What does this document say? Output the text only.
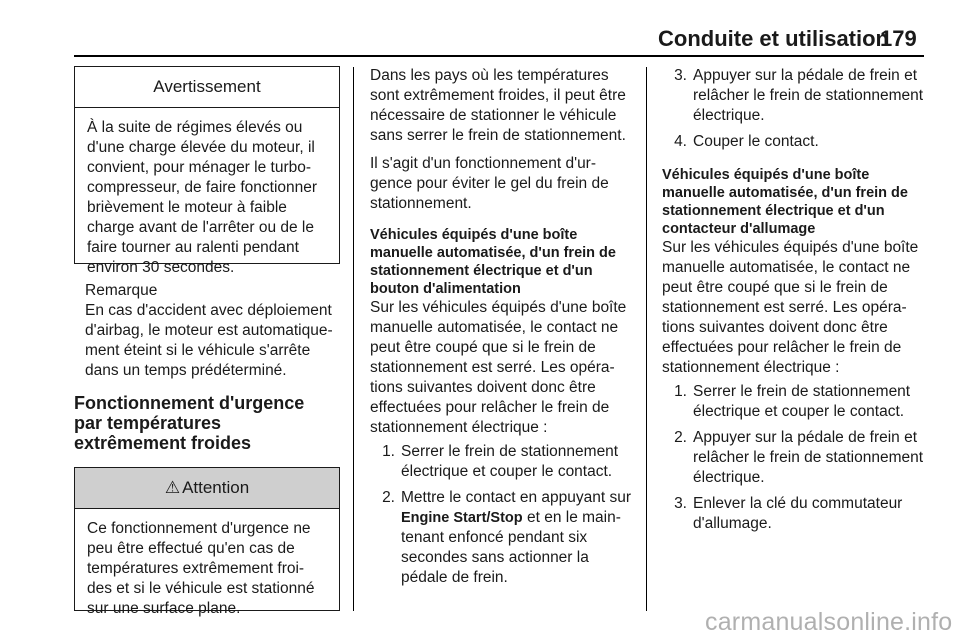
Conduite et utilisation
179
Avertissement
À la suite de régimes élevés ou d'une charge élevée du moteur, il convient, pour ménager le turbo-compresseur, de faire fonctionner brièvement le moteur à faible charge avant de l'arrêter ou de le faire tourner au ralenti pendant environ 30 secondes.

Remarque

En cas d'accident avec déploiement d'airbag, le moteur est automatique-ment éteint si le véhicule s'arrête dans un temps prédéterminé.

Fonctionnement d'urgence par températures extrêmement froides

⚠ Attention
Ce fonctionnement d'urgence ne peu être effectué qu'en cas de températures extrêmement froi-des et si le véhicule est stationné sur une surface plane.

Dans les pays où les températures sont extrêmement froides, il peut être nécessaire de stationner le véhicule sans serrer le frein de stationnement.

Il s'agit d'un fonctionnement d'ur-gence pour éviter le gel du frein de stationnement.

Véhicules équipés d'une boîte manuelle automatisée, d'un frein de stationnement électrique et d'un bouton d'alimentation

Sur les véhicules équipés d'une boîte manuelle automatisée, le contact ne peut être coupé que si le frein de stationnement est serré. Les opéra-tions suivantes doivent donc être effectuées pour relâcher le frein de stationnement électrique :

1. Serrer le frein de stationnement électrique et couper le contact.
2. Mettre le contact en appuyant sur Engine Start/Stop et en le main-tenant enfoncé pendant six secondes sans actionner la pédale de frein.
3. Appuyer sur la pédale de frein et relâcher le frein de stationnement électrique.
4. Couper le contact.

Véhicules équipés d'une boîte manuelle automatisée, d'un frein de stationnement électrique et d'un contacteur d'allumage

Sur les véhicules équipés d'une boîte manuelle automatisée, le contact ne peut être coupé que si le frein de stationnement est serré. Les opéra-tions suivantes doivent donc être effectuées pour relâcher le frein de stationnement électrique :

1. Serrer le frein de stationnement électrique et couper le contact.
2. Appuyer sur la pédale de frein et relâcher le frein de stationnement électrique.
3. Enlever la clé du commutateur d'allumage.
carmanualsonline.info
